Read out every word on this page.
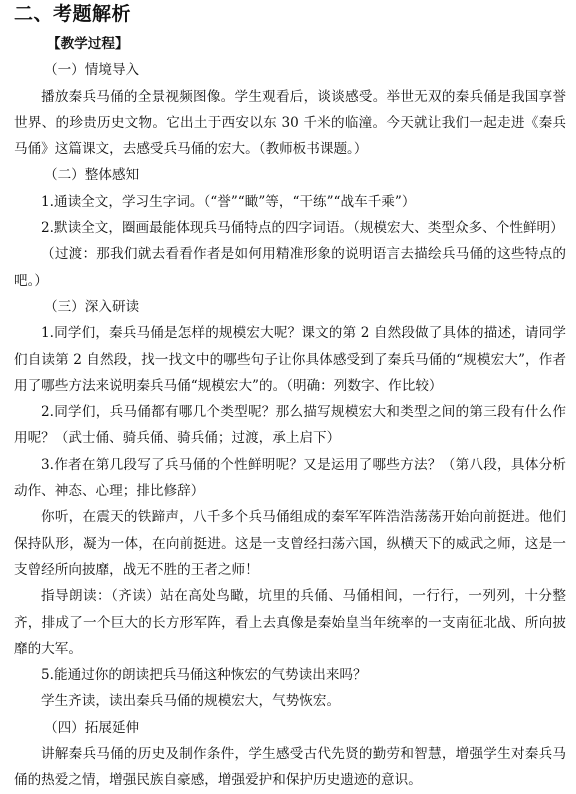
二、考题解析
【教学过程】
（一）情境导入

播放秦兵马俑的全景视频图像。学生观看后，谈谈感受。举世无双的秦兵俑是我国享誉世界、的珍贵历史文物。它出土于西安以东 30 千米的临潼。今天就让我们一起走进《秦兵马俑》这篇课文，去感受兵马俑的宏大。（教师板书课题。）

（二）整体感知

1.通读全文，学习生字词。（“誉”“瞰”等，“干练”“战车千乘”）

2.默读全文，圈画最能体现兵马俑特点的四字词语。（规模宏大、类型众多、个性鲜明）

（过渡：那我们就去看看作者是如何用精准形象的说明语言去描绘兵马俑的这些特点的吧。）

（三）深入研读

1.同学们，秦兵马俑是怎样的规模宏大呢？课文的第 2 自然段做了具体的描述，请同学们自读第 2 自然段，找一找文中的哪些句子让你具体感受到了秦兵马俑的“规模宏大”，作者用了哪些方法来说明秦兵马俑“规模宏大”的。（明确：列数字、作比较）

2.同学们，兵马俑都有哪几个类型呢？那么描写规模宏大和类型之间的第三段有什么作用呢？（武士俑、骑兵俑、骑兵俑；过渡，承上启下）

3.作者在第几段写了兵马俑的个性鲜明呢？又是运用了哪些方法？（第八段，具体分析动作、神态、心理；排比修辞）

你听，在震天的铁蹄声，八千多个兵马俑组成的秦军军阵浩浩荡荡开始向前挺进。他们保持队形，凝为一体，在向前挺进。这是一支曾经扫荡六国，纵横天下的威武之师，这是一支曾经所向披靡，战无不胜的王者之师！

指导朗读：（齐读）站在高处鸟瞰，坑里的兵俑、马俑相间，一行行，一列列，十分整齐，排成了一个巨大的长方形军阵，看上去真像是秦始皇当年统率的一支南征北战、所向披靡的大军。

5.能通过你的朗读把兵马俑这种恢宏的气势读出来吗？

学生齐读，读出秦兵马俑的规模宏大，气势恢宏。

（四）拓展延伸

讲解秦兵马俑的历史及制作条件，学生感受古代先贤的勤劳和智慧，增强学生对秦兵马俑的热爱之情，增强民族自豪感，增强爱护和保护历史遗迹的意识。
